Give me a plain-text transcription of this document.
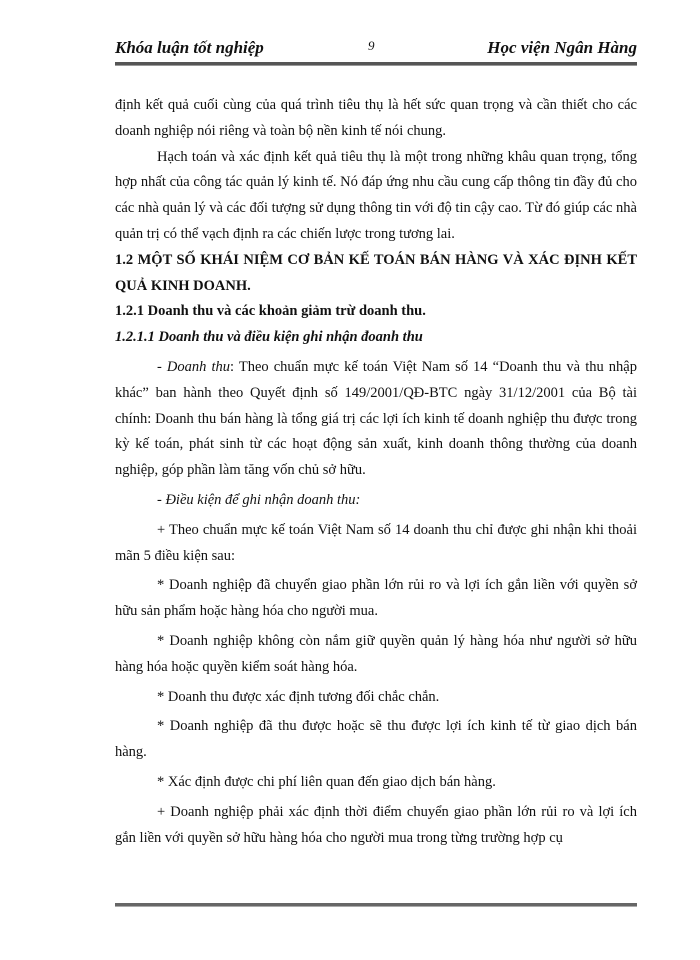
Khóa luận tốt nghiệp	9	Học viện Ngân Hàng

định kết quả cuối cùng của quá trình tiêu thụ là hết sức quan trọng và cần thiết cho các doanh nghiệp nói riêng và toàn bộ nền kinh tế nói chung.

Hạch toán và xác định kết quả tiêu thụ là một trong những khâu quan trọng, tổng hợp nhất của công tác quản lý kinh tế. Nó đáp ứng nhu cầu cung cấp thông tin đầy đủ cho các nhà quản lý và các đối tượng sử dụng thông tin với độ tin cậy cao. Từ đó giúp các nhà quản trị có thể vạch định ra các chiến lược trong tương lai.

1.2 MỘT SỐ KHÁI NIỆM CƠ BẢN KẾ TOÁN BÁN HÀNG VÀ XÁC ĐỊNH KẾT QUẢ KINH DOANH.

1.2.1 Doanh thu và các khoản giảm trừ doanh thu.

1.2.1.1 Doanh thu và điều kiện ghi nhận đoanh thu

- Doanh thu: Theo chuẩn mực kế toán Việt Nam số 14 “Doanh thu và thu nhập khác” ban hành theo Quyết định số 149/2001/QĐ-BTC ngày 31/12/2001 của Bộ tài chính: Doanh thu bán hàng là tổng giá trị các lợi ích kinh tế doanh nghiệp thu được trong kỳ kế toán, phát sinh từ các hoạt động sản xuất, kinh doanh thông thường của doanh nghiệp, góp phần làm tăng vốn chủ sở hữu.

- Điều kiện để ghi nhận doanh thu:

+ Theo chuẩn mực kế toán Việt Nam số 14 doanh thu chỉ được ghi nhận khi thoải mãn 5 điều kiện sau:

* Doanh nghiệp đã chuyển giao phần lớn rủi ro và lợi ích gắn liền với quyền sở hữu sản phẩm hoặc hàng hóa cho người mua.

* Doanh nghiệp không còn nắm giữ quyền quản lý hàng hóa như người sở hữu hàng hóa hoặc quyền kiểm soát hàng hóa.

* Doanh thu được xác định tương đối chắc chắn.

* Doanh nghiệp đã thu được hoặc sẽ thu được lợi ích kinh tế từ giao dịch bán hàng.

* Xác định được chi phí liên quan đến giao dịch bán hàng.

+ Doanh nghiệp phải xác định thời điểm chuyển giao phần lớn rủi ro và lợi ích gắn liền với quyền sở hữu hàng hóa cho người mua trong từng trường hợp cụ
